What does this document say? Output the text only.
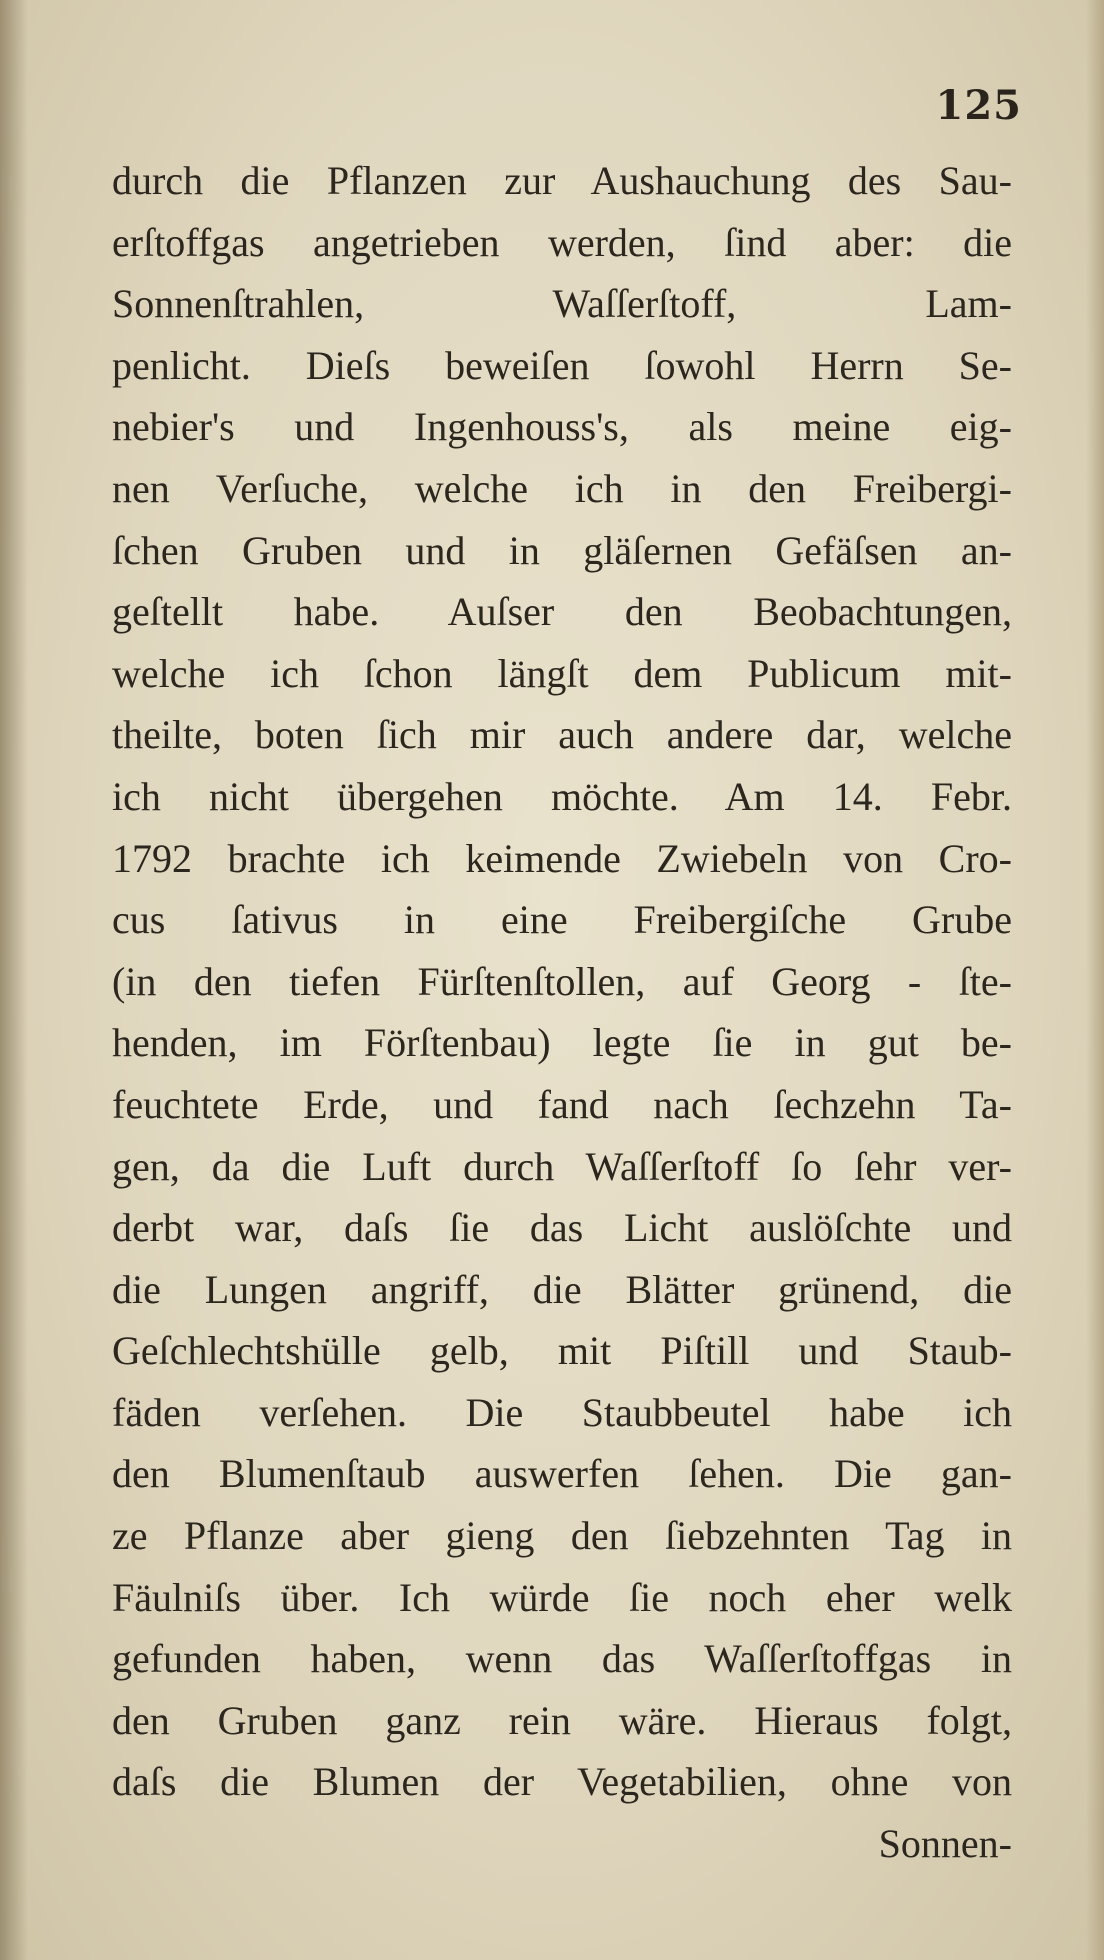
125
durch die Pflanzen zur Aushauchung des Sau-
erſtoffgas angetrieben werden, ſind aber: die
Sonnenſtrahlen, Waſſerſtoff, Lam-
penlicht. Dieſs beweiſen ſowohl Herrn Se-
nebier's und Ingenhouss's, als meine eig-
nen Verſuche, welche ich in den Freibergi-
ſchen Gruben und in gläſernen Gefäſsen an-
geſtellt habe. Auſser den Beobachtungen,
welche ich ſchon längſt dem Publicum mit-
theilte, boten ſich mir auch andere dar, welche
ich nicht übergehen möchte. Am 14. Febr.
1792 brachte ich keimende Zwiebeln von Cro-
cus ſativus in eine Freibergiſche Grube
(in den tiefen Fürſtenſtollen, auf Georg - ſte-
henden, im Förſtenbau) legte ſie in gut be-
feuchtete Erde, und fand nach ſechzehn Ta-
gen, da die Luft durch Waſſerſtoff ſo ſehr ver-
derbt war, daſs ſie das Licht auslöſchte und
die Lungen angriff, die Blätter grünend, die
Geſchlechtshülle gelb, mit Piſtill und Staub-
fäden verſehen. Die Staubbeutel habe ich
den Blumenſtaub auswerfen ſehen. Die gan-
ze Pflanze aber gieng den ſiebzehnten Tag in
Fäulniſs über. Ich würde ſie noch eher welk
gefunden haben, wenn das Waſſerſtoffgas in
den Gruben ganz rein wäre. Hieraus folgt,
daſs die Blumen der Vegetabilien, ohne von
Sonnen-
